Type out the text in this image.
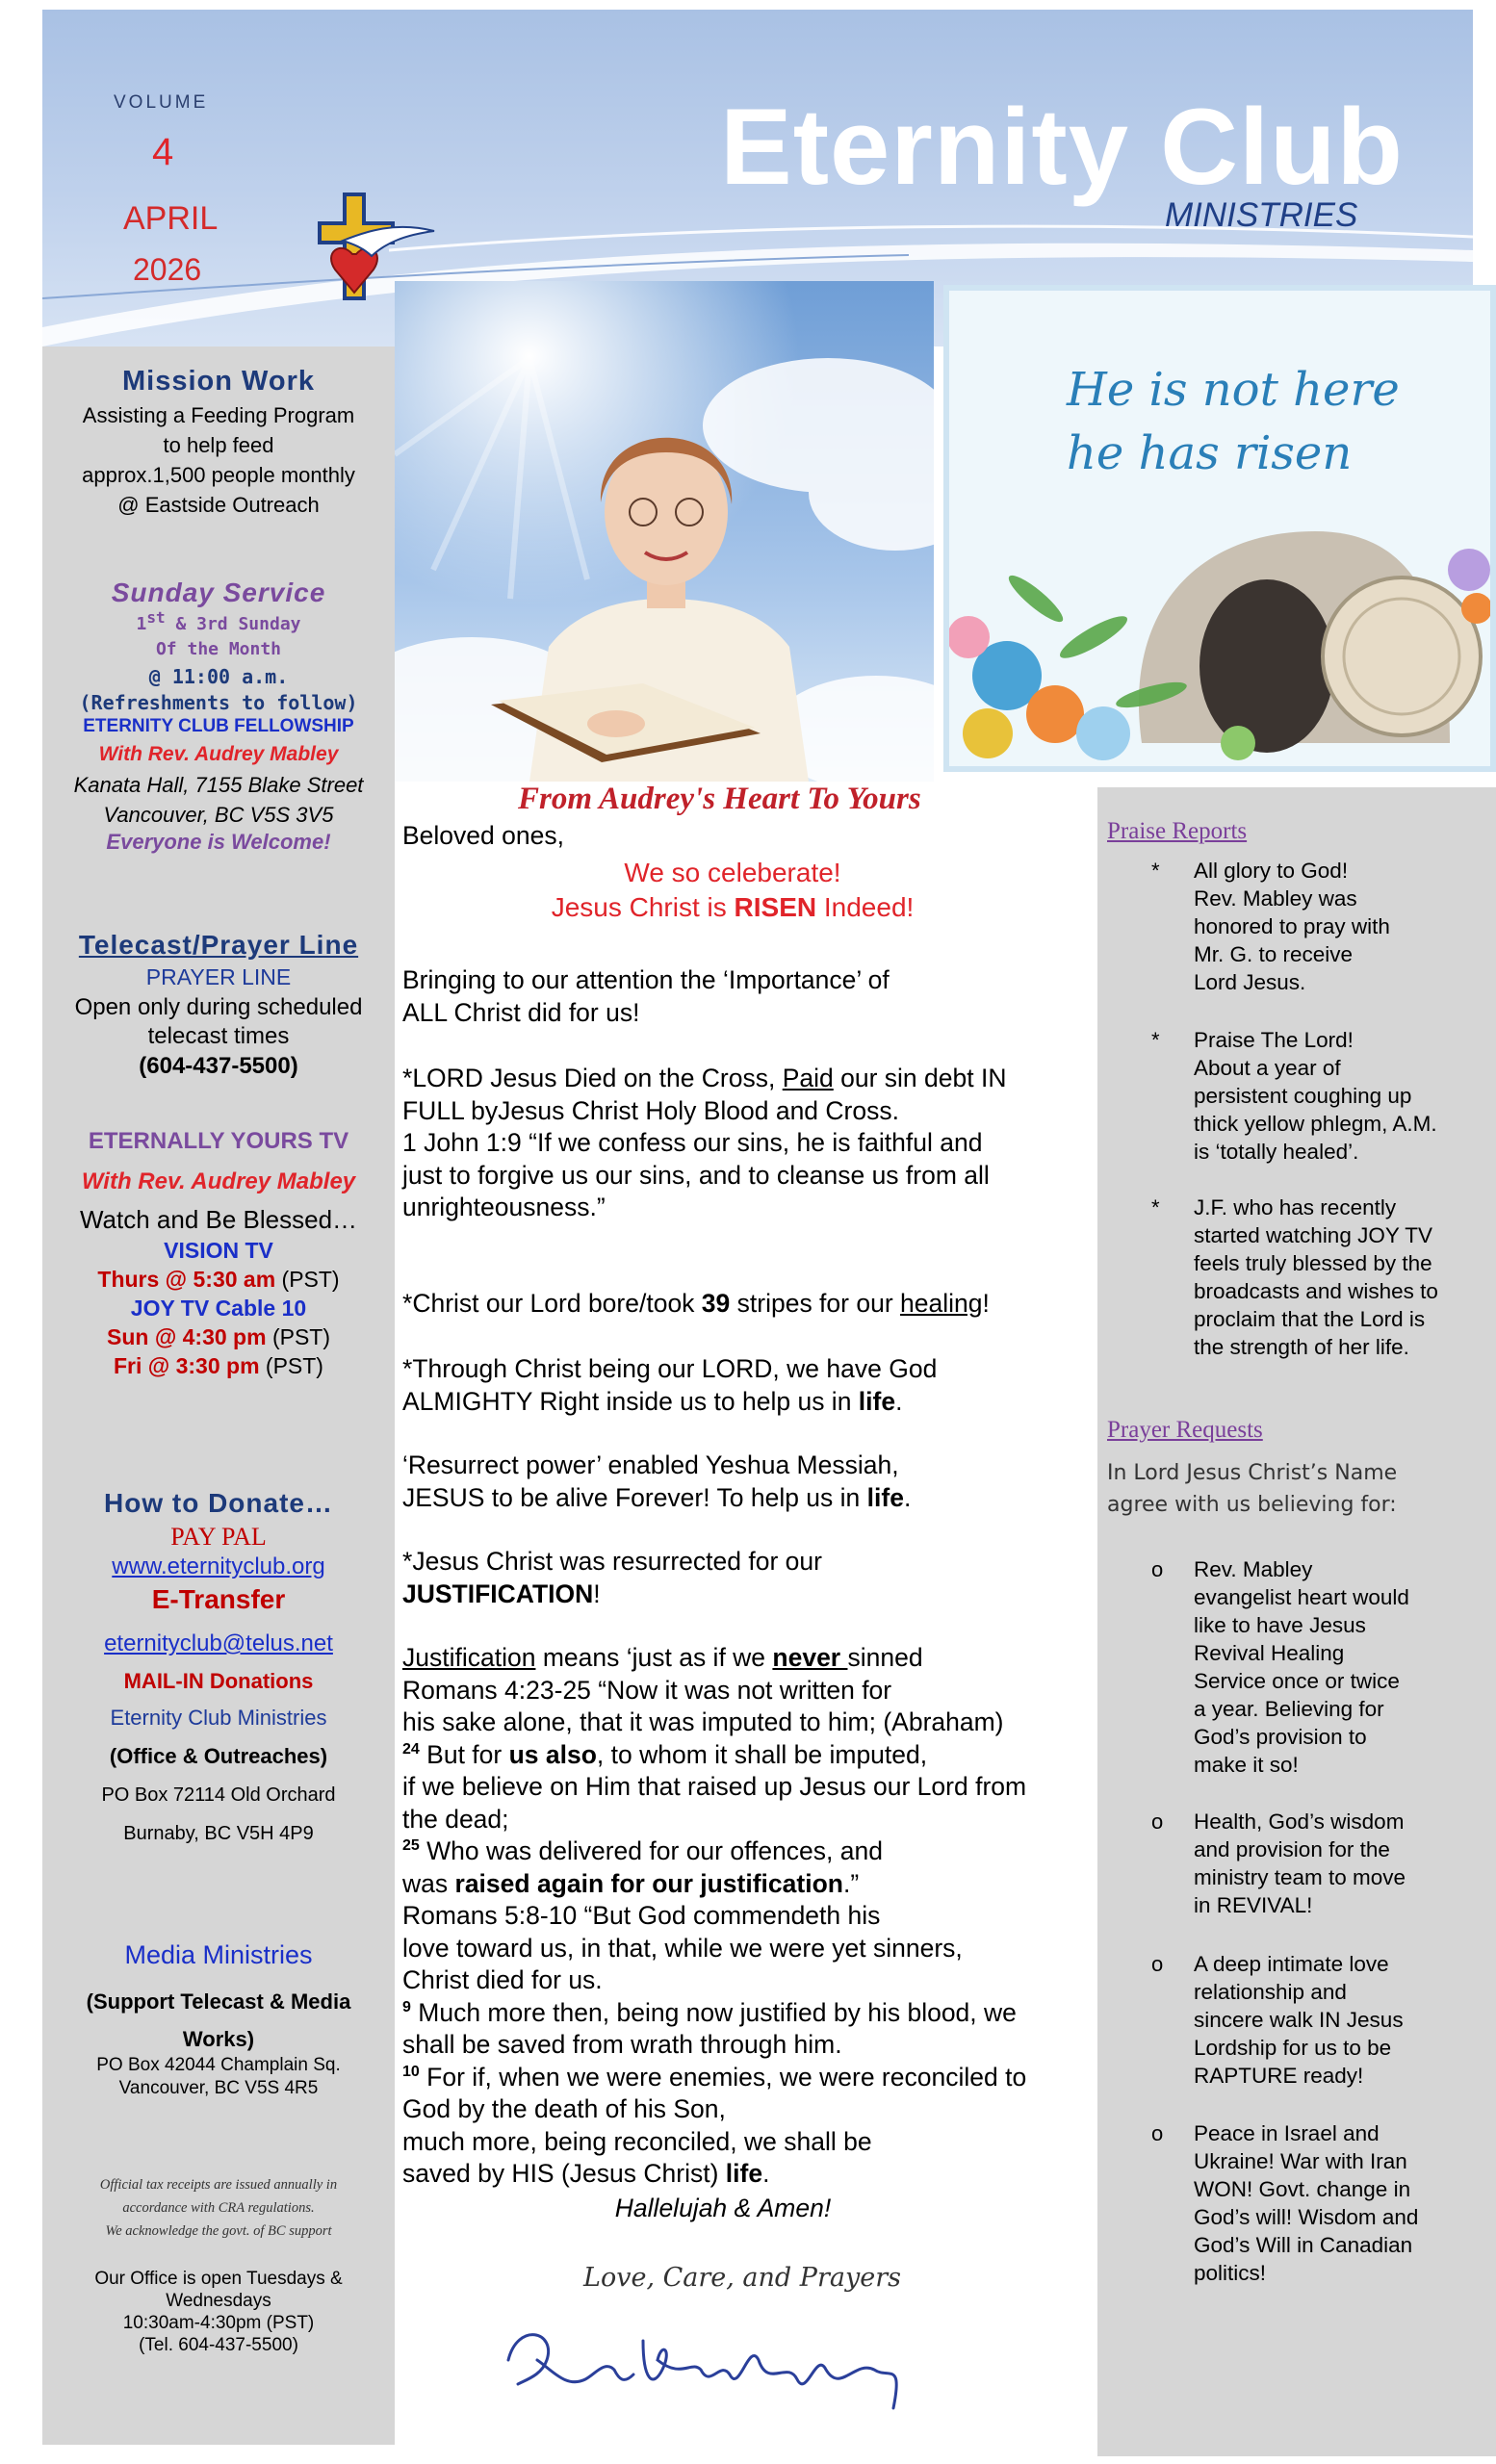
VOLUME
4
APRIL
2026
Eternity Club
MINISTRIES
Mission Work
Assisting a Feeding Program
to help feed
approx.1,500 people monthly
@ Eastside Outreach
Sunday Service
1st & 3rd Sunday
Of the Month
@ 11:00 a.m.
(Refreshments to follow)
ETERNITY CLUB FELLOWSHIP
With Rev. Audrey Mabley
Kanata Hall, 7155 Blake Street
Vancouver, BC V5S 3V5
Everyone is Welcome!
Telecast/Prayer Line
PRAYER LINE
Open only during scheduled
telecast times
(604-437-5500)
ETERNALLY YOURS TV
With Rev. Audrey Mabley
Watch and Be Blessed…
VISION TV
Thurs @ 5:30 am (PST)
JOY TV Cable 10
Sun @ 4:30 pm (PST)
Fri @ 3:30 pm (PST)
How to Donate…
PAY PAL
www.eternityclub.org
E-Transfer
eternityclub@telus.net
MAIL-IN Donations
Eternity Club Ministries
(Office & Outreaches)
PO Box 72114 Old Orchard
Burnaby, BC V5H 4P9
Media Ministries
(Support Telecast & Media
Works)
PO Box 42044 Champlain Sq.
Vancouver, BC V5S 4R5
Official tax receipts are issued annually in
accordance with CRA regulations.
We acknowledge the govt. of BC support
Our Office is open Tuesdays &
Wednesdays
10:30am-4:30pm (PST)
(Tel. 604-437-5500)
He is not here
he has risen
From Audrey's Heart To Yours
Beloved ones,
We so celeberate!
Jesus Christ is RISEN Indeed!
Bringing to our attention the ‘Importance’ of
ALL Christ did for us!
*LORD Jesus Died on the Cross, Paid our sin debt IN
FULL byJesus Christ Holy Blood and Cross.
1 John 1:9 “If we confess our sins, he is faithful and
just to forgive us our sins, and to cleanse us from all
unrighteousness.”
*Christ our Lord bore/took 39 stripes for our healing!
*Through Christ being our LORD, we have God
ALMIGHTY Right inside us to help us in life.
‘Resurrect power’ enabled Yeshua Messiah,
JESUS to be alive Forever! To help us in life.
*Jesus Christ was resurrected for our
JUSTIFICATION!
Justification means ‘just as if we never sinned
Romans 4:23-25 “Now it was not written for
his sake alone, that it was imputed to him; (Abraham)
$^{24}$ But for us also, to whom it shall be imputed,
if we believe on Him that raised up Jesus our Lord from
the dead;
$^{25}$ Who was delivered for our offences, and
was raised again for our justification.”
Romans 5:8-10 “But God commendeth his
love toward us, in that, while we were yet sinners,
Christ died for us.
$^9$ Much more then, being now justified by his blood, we
shall be saved from wrath through him.
$^{10}$ For if, when we were enemies, we were reconciled to
God by the death of his Son,
much more, being reconciled, we shall be
saved by HIS (Jesus Christ) life.
Hallelujah & Amen!
Love, Care, and Prayers
Rev. Audrey Mabley
Praise Reports
* All glory to God!
Rev. Mabley was
honored to pray with
Mr. G. to receive
Lord Jesus.
* Praise The Lord!
About a year of
persistent coughing up
thick yellow phlegm, A.M.
is ‘totally healed’.
* J.F. who has recently
started watching JOY TV
feels truly blessed by the
broadcasts and wishes to
proclaim that the Lord is
the strength of her life.
Prayer Requests
In Lord Jesus Christ’s Name
agree with us believing for:
o Rev. Mabley
evangelist heart would
like to have Jesus
Revival Healing
Service once or twice
a year. Believing for
God’s provision to
make it so!
o Health, God’s wisdom
and provision for the
ministry team to move
in REVIVAL!
o A deep intimate love
relationship and
sincere walk IN Jesus
Lordship for us to be
RAPTURE ready!
o Peace in Israel and
Ukraine! War with Iran
WON! Govt. change in
God’s will! Wisdom and
God’s Will in Canadian
politics!
